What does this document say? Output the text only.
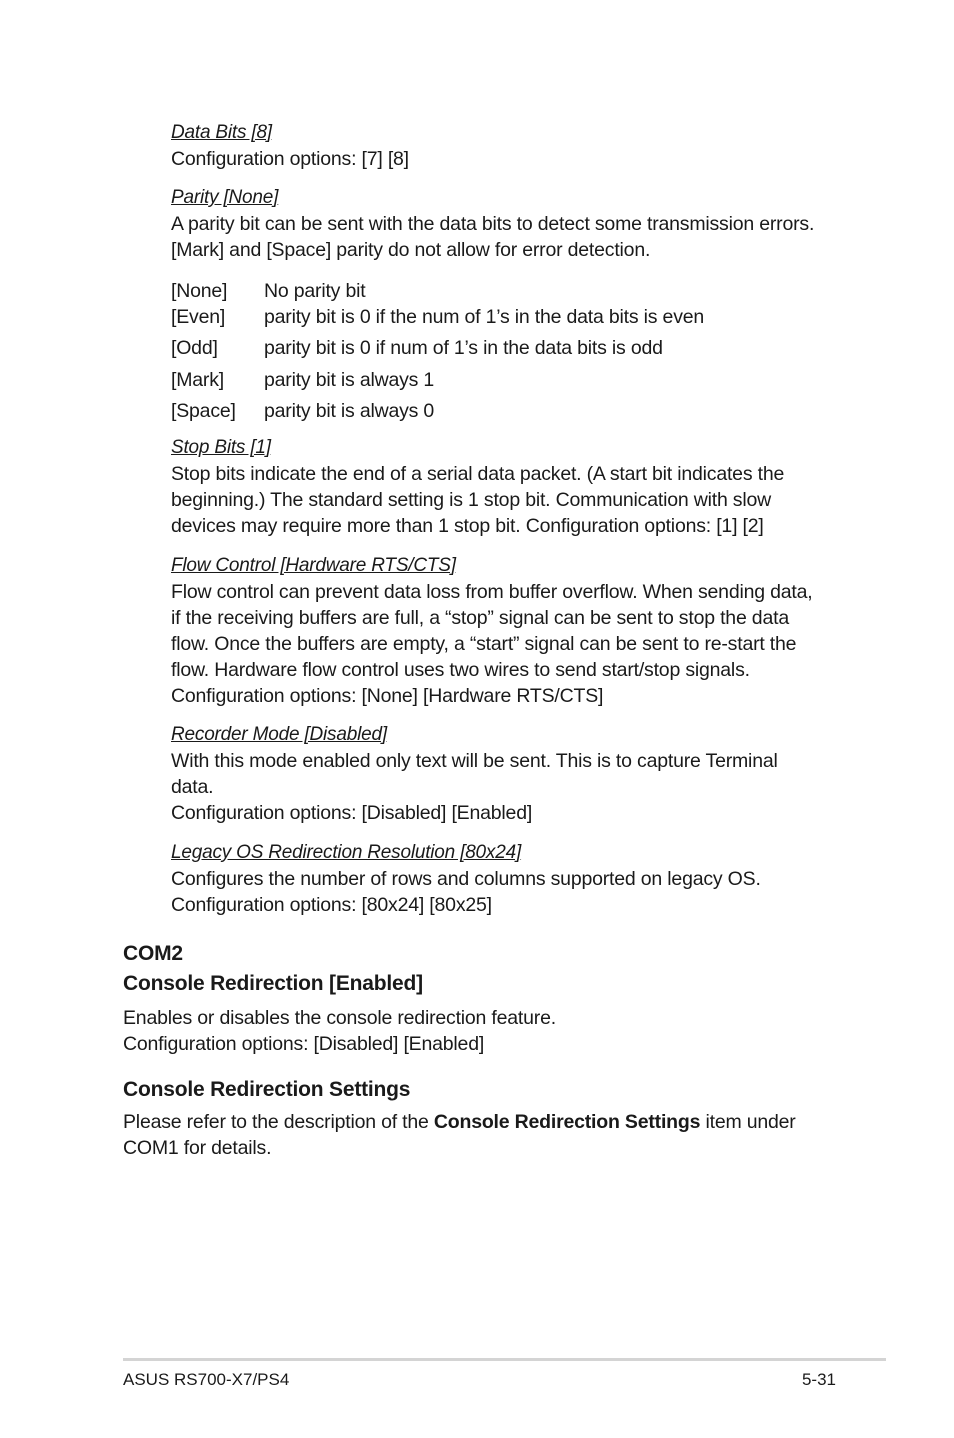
Data Bits [8]

Configuration options: [7] [8]

Parity [None]

A parity bit can be sent with the data bits to detect some transmission errors.

[Mark] and [Space] parity do not allow for error detection.

[None] No parity bit
[Even] parity bit is 0 if the num of 1’s in the data bits is even
[Odd] parity bit is 0 if num of 1’s in the data bits is odd
[Mark] parity bit is always 1
[Space] parity bit is always 0

Stop Bits [1]

Stop bits indicate the end of a serial data packet. (A start bit indicates the

beginning.) The standard setting is 1 stop bit. Communication with slow

devices may require more than 1 stop bit. Configuration options: [1] [2]

Flow Control [Hardware RTS/CTS]

Flow control can prevent data loss from buffer overflow. When sending data,

if the receiving buffers are full, a “stop” signal can be sent to stop the data

flow. Once the buffers are empty, a “start” signal can be sent to re-start the

flow. Hardware flow control uses two wires to send start/stop signals.

Configuration options: [None] [Hardware RTS/CTS]

Recorder Mode [Disabled]

With this mode enabled only text will be sent. This is to capture Terminal

data.

Configuration options: [Disabled] [Enabled]

Legacy OS Redirection Resolution [80x24]

Configures the number of rows and columns supported on legacy OS.

Configuration options: [80x24] [80x25]

COM2

Console Redirection [Enabled]

Enables or disables the console redirection feature.

Configuration options: [Disabled] [Enabled]

Console Redirection Settings

Please refer to the description of the Console Redirection Settings item under

COM1 for details.

ASUS RS700-X7/PS4	5-31
